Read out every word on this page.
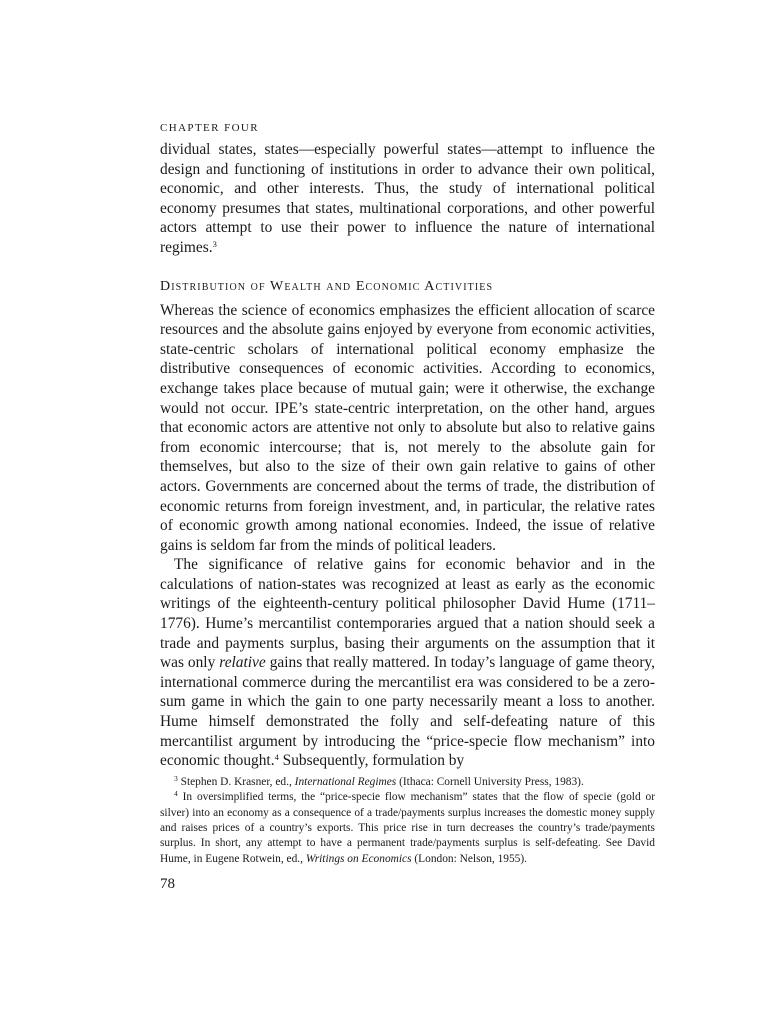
CHAPTER FOUR

dividual states, states—especially powerful states—attempt to influence the design and functioning of institutions in order to advance their own political, economic, and other interests. Thus, the study of international political economy presumes that states, multinational corporations, and other powerful actors attempt to use their power to influence the nature of international regimes.$^3$

Distribution of Wealth and Economic Activities

Whereas the science of economics emphasizes the efficient allocation of scarce resources and the absolute gains enjoyed by everyone from economic activities, state-centric scholars of international political economy emphasize the distributive consequences of economic activities. According to economics, exchange takes place because of mutual gain; were it otherwise, the exchange would not occur. IPE’s state-centric interpretation, on the other hand, argues that economic actors are attentive not only to absolute but also to relative gains from economic intercourse; that is, not merely to the absolute gain for themselves, but also to the size of their own gain relative to gains of other actors. Governments are concerned about the terms of trade, the distribution of economic returns from foreign investment, and, in particular, the relative rates of economic growth among national economies. Indeed, the issue of relative gains is seldom far from the minds of political leaders.

The significance of relative gains for economic behavior and in the calculations of nation-states was recognized at least as early as the economic writings of the eighteenth-century political philosopher David Hume (1711–1776). Hume’s mercantilist contemporaries argued that a nation should seek a trade and payments surplus, basing their arguments on the assumption that it was only relative gains that really mattered. In today’s language of game theory, international commerce during the mercantilist era was considered to be a zero-sum game in which the gain to one party necessarily meant a loss to another. Hume himself demonstrated the folly and self-defeating nature of this mercantilist argument by introducing the “price-specie flow mechanism” into economic thought.$^4$ Subsequently, formulation by

$^3$ Stephen D. Krasner, ed., International Regimes (Ithaca: Cornell University Press, 1983).

$^4$ In oversimplified terms, the “price-specie flow mechanism” states that the flow of specie (gold or silver) into an economy as a consequence of a trade/payments surplus increases the domestic money supply and raises prices of a country’s exports. This price rise in turn decreases the country’s trade/payments surplus. In short, any attempt to have a permanent trade/payments surplus is self-defeating. See David Hume, in Eugene Rotwein, ed., Writings on Economics (London: Nelson, 1955).

78
